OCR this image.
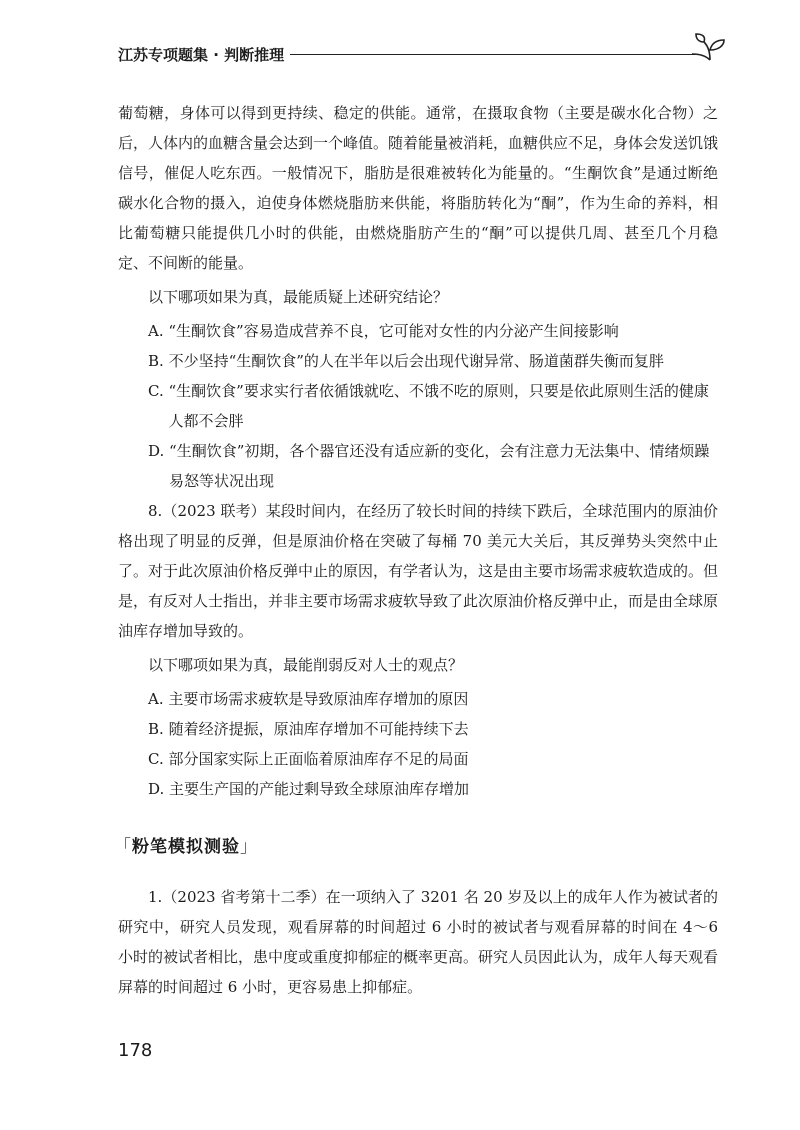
江苏专项题集 · 判断推理

葡萄糖，身体可以得到更持续、稳定的供能。通常，在摄取食物（主要是碳水化合物）之后，人体内的血糖含量会达到一个峰值。随着能量被消耗，血糖供应不足，身体会发送饥饿信号，催促人吃东西。一般情况下，脂肪是很难被转化为能量的。“生酮饮食”是通过断绝碳水化合物的摄入，迫使身体燃烧脂肪来供能，将脂肪转化为“酮”，作为生命的养料，相比葡萄糖只能提供几小时的供能，由燃烧脂肪产生的“酮”可以提供几周、甚至几个月稳定、不间断的能量。

以下哪项如果为真，最能质疑上述研究结论？

A. “生酮饮食”容易造成营养不良，它可能对女性的内分泌产生间接影响
B. 不少坚持“生酮饮食”的人在半年以后会出现代谢异常、肠道菌群失衡而复胖
C. “生酮饮食”要求实行者依循饿就吃、不饿不吃的原则，只要是依此原则生活的健康人都不会胖
D. “生酮饮食”初期，各个器官还没有适应新的变化，会有注意力无法集中、情绪烦躁易怒等状况出现

8.（2023 联考）某段时间内，在经历了较长时间的持续下跌后，全球范围内的原油价格出现了明显的反弹，但是原油价格在突破了每桶 70 美元大关后，其反弹势头突然中止了。对于此次原油价格反弹中止的原因，有学者认为，这是由主要市场需求疲软造成的。但是，有反对人士指出，并非主要市场需求疲软导致了此次原油价格反弹中止，而是由全球原油库存增加导致的。

以下哪项如果为真，最能削弱反对人士的观点？

A. 主要市场需求疲软是导致原油库存增加的原因
B. 随着经济提振，原油库存增加不可能持续下去
C. 部分国家实际上正面临着原油库存不足的局面
D. 主要生产国的产能过剩导致全球原油库存增加
「粉笔模拟测验」

1.（2023 省考第十二季）在一项纳入了 3201 名 20 岁及以上的成年人作为被试者的研究中，研究人员发现，观看屏幕的时间超过 6 小时的被试者与观看屏幕的时间在 4～6 小时的被试者相比，患中度或重度抑郁症的概率更高。研究人员因此认为，成年人每天观看屏幕的时间超过 6 小时，更容易患上抑郁症。

178
